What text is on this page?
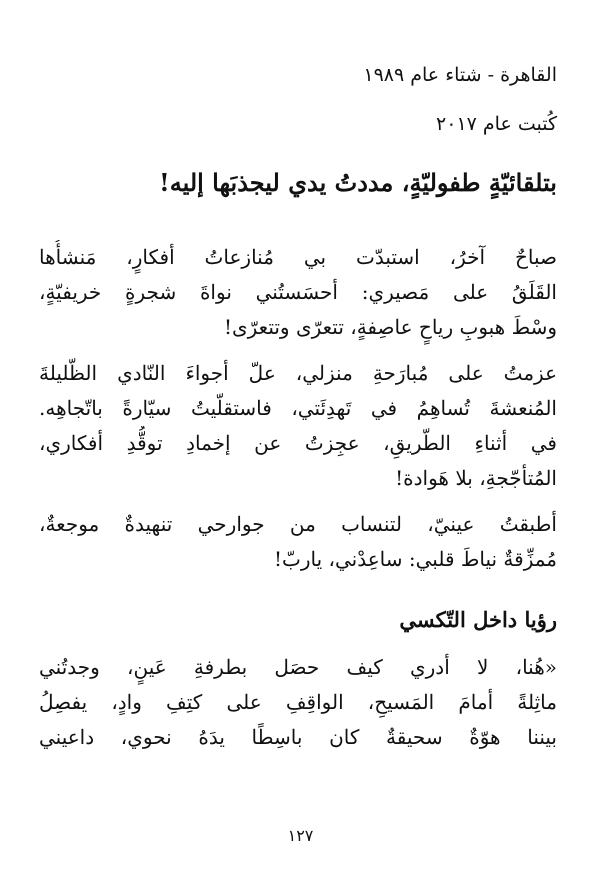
القاهرة - شتاء عام ١٩٨٩
كُتبت عام ٢٠١٧
بتلقائيّةٍ طفوليّةٍ، مددتُ يدي ليجذبَها إليه!
صباحٌ آخرُ، استبدّت بي مُنازعاتُ أفكارٍ، مَنشأُها
القَلَقُ على مَصيري: أحسَستُني نواةَ شجرةٍ خريفيّةٍ،
وسْطَ هبوبِ رياحٍ عاصِفةٍ، تتعرّى وتتعرّى!
عزمتُ على مُبارَحةِ منزلي، علّ أجواءَ النّادي الظّليلةَ
المُنعشةَ تُساهِمُ في تَهدِئَتي، فاستقلّيتُ سيّارةً باتّجاهِه.
في أثناءِ الطّريقِ، عجِزتُ عن إخمادِ توقُّدِ أفكاري،
المُتأجّجةِ، بلا هَوادة!
أطبقتُ عينيّ، لتنساب من جوارحي تنهيدةٌ موجعةٌ،
مُمزِّقةٌ نياطَ قلبي: ساعِدْني، ياربّ!
رؤيا داخل التّكسي
«هُنا، لا أدري كيف حصَل بطرفةِ عَينٍ، وجدتُني
ماثِلةً أمامَ المَسيحِ، الواقِفِ على كتِفِ وادٍ، يفصِلُ
بيننا هوّةٌ سحيقةٌ كان باسِطًا يدَهُ نحوي، داعيني
١٢٧
